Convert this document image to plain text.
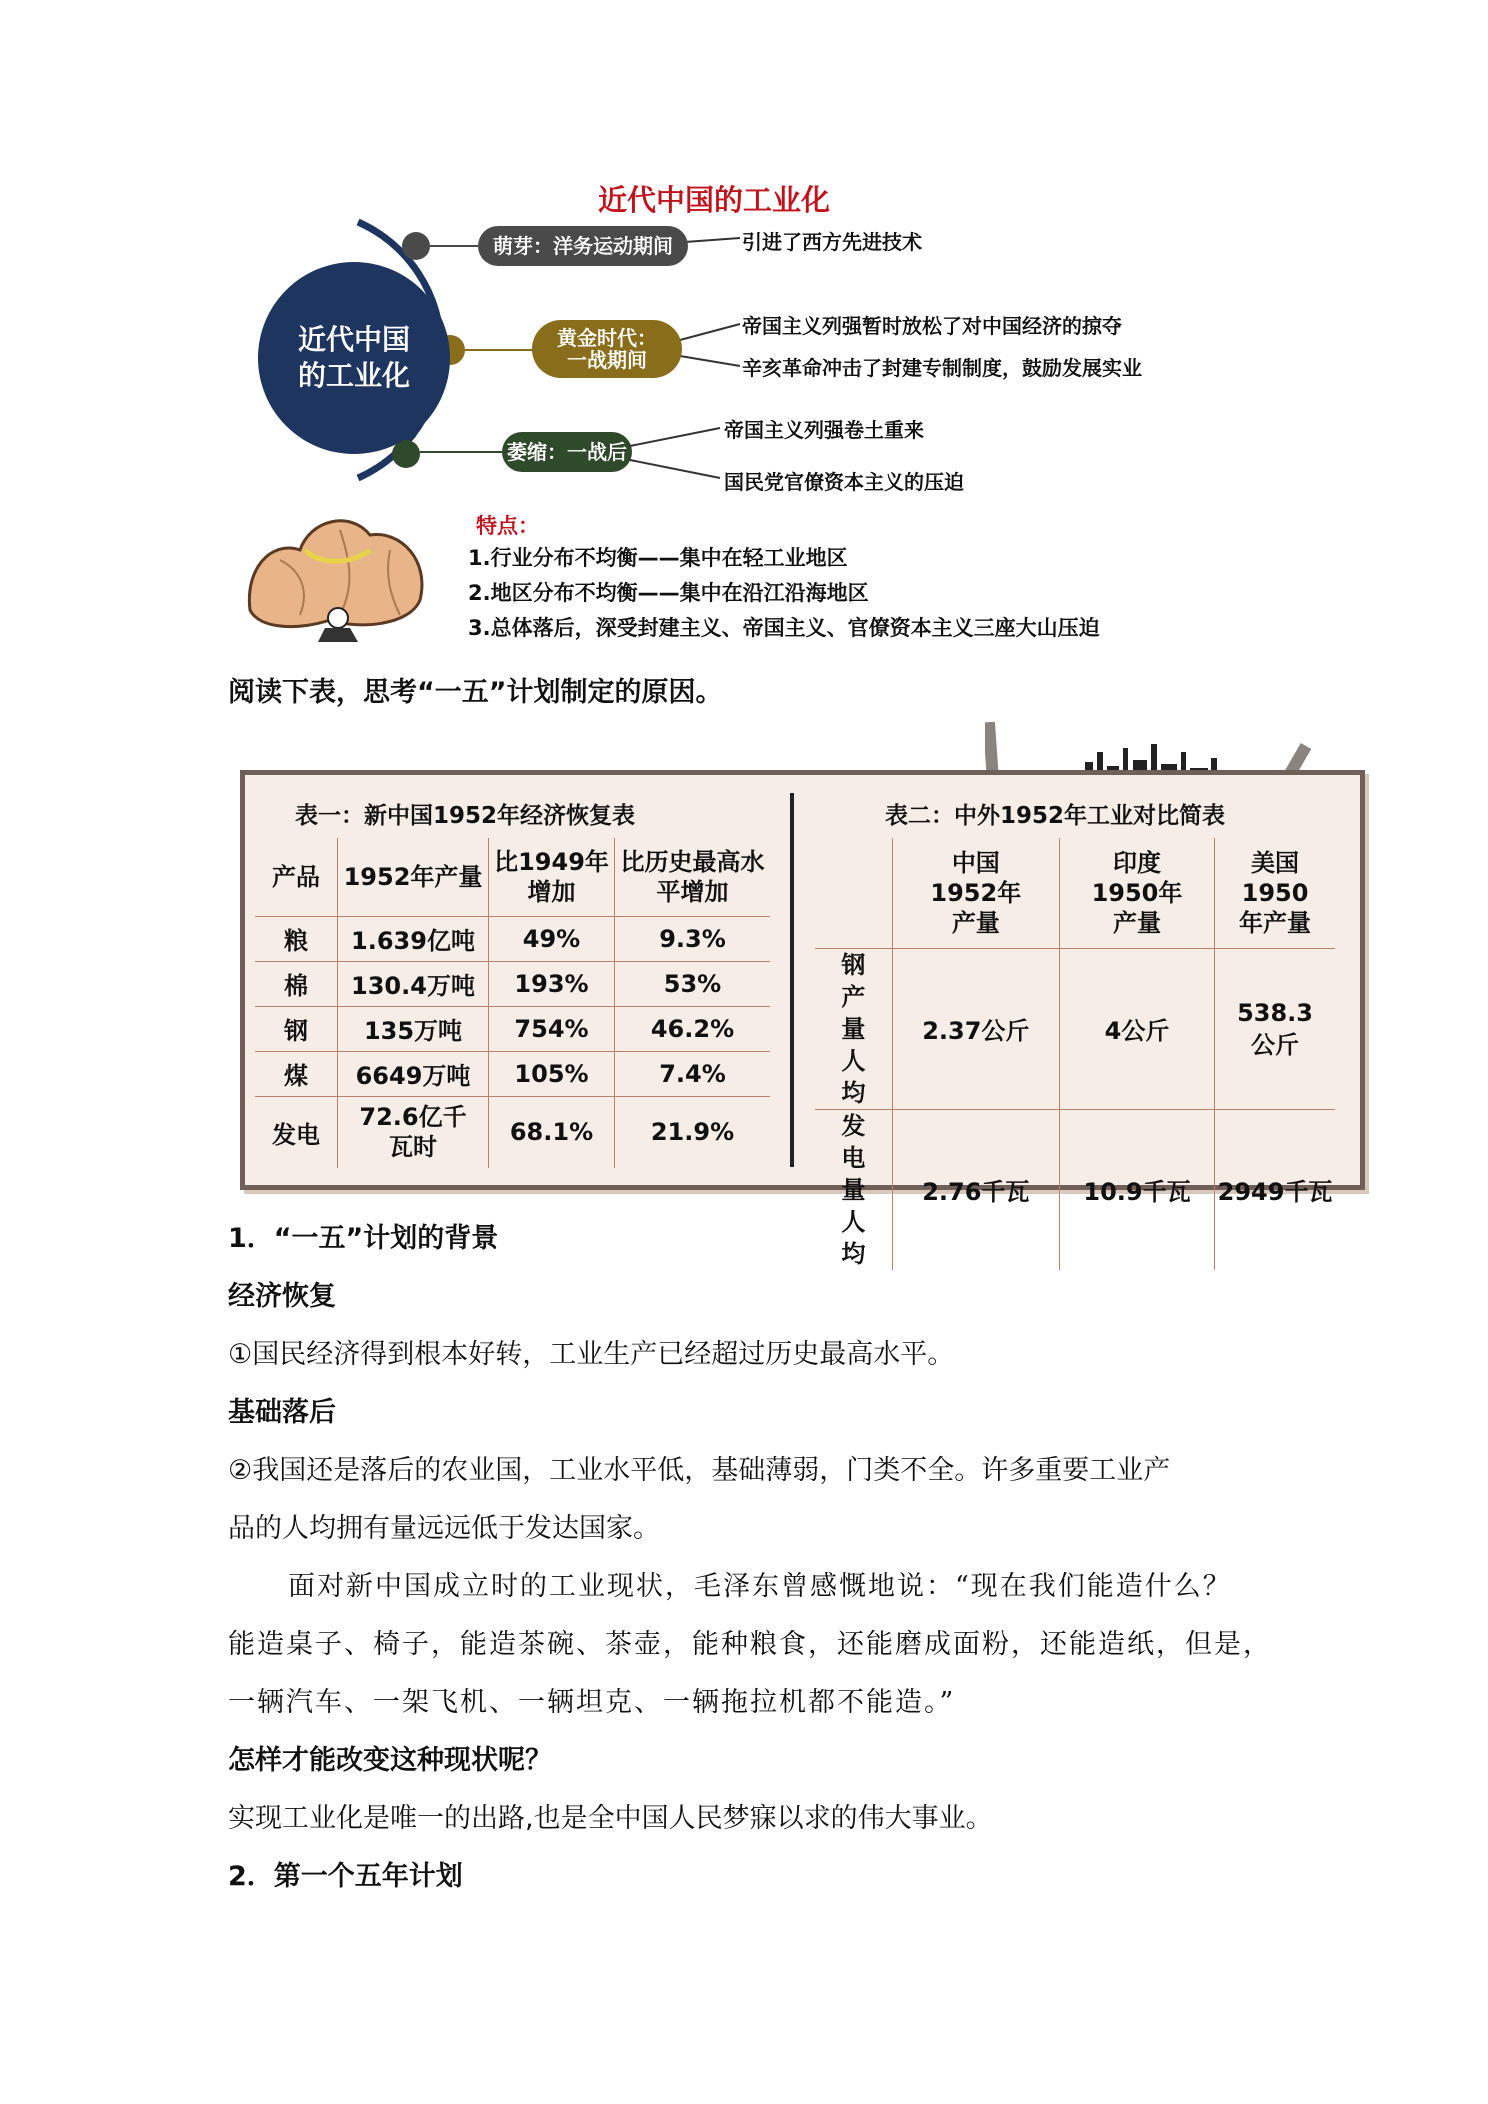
近代中国的工业化
近代中国
的工业化
萌芽：洋务运动期间	引进了西方先进技术
黄金时代：
一战期间
帝国主义列强暂时放松了对中国经济的掠夺
辛亥革命冲击了封建专制制度，鼓励发展实业
萎缩：一战后
帝国主义列强卷土重来
国民党官僚资本主义的压迫
特点：
1.行业分布不均衡——集中在轻工业地区
2.地区分布不均衡——集中在沿江沿海地区
3.总体落后，深受封建主义、帝国主义、官僚资本主义三座大山压迫
阅读下表，思考“一五”计划制定的原因。
表一：新中国1952年经济恢复表	表二：中外1952年工业对比简表
产品	1952年产量	比1949年增加	比历史最高水平增加
粮	1.639亿吨	49%	9.3%
棉	130.4万吨	193%	53%
钢	135万吨	754%	46.2%
煤	6649万吨	105%	7.4%
发电	72.6亿千瓦时	68.1%	21.9%
	中国1952年产量	印度1950年产量	美国1950年产量
钢产量人均	2.37公斤	4公斤	538.3公斤
发电量人均	2.76千瓦	10.9千瓦	2949千瓦
1．“一五”计划的背景
经济恢复
①国民经济得到根本好转，工业生产已经超过历史最高水平。
基础落后
②我国还是落后的农业国，工业水平低，基础薄弱，门类不全。许多重要工业产
品的人均拥有量远远低于发达国家。
面对新中国成立时的工业现状，毛泽东曾感慨地说：“现在我们能造什么？
能造桌子、椅子，能造茶碗、茶壶，能种粮食，还能磨成面粉，还能造纸，但是，
一辆汽车、一架飞机、一辆坦克、一辆拖拉机都不能造。”
怎样才能改变这种现状呢？
实现工业化是唯一的出路,也是全中国人民梦寐以求的伟大事业。
2．第一个五年计划
